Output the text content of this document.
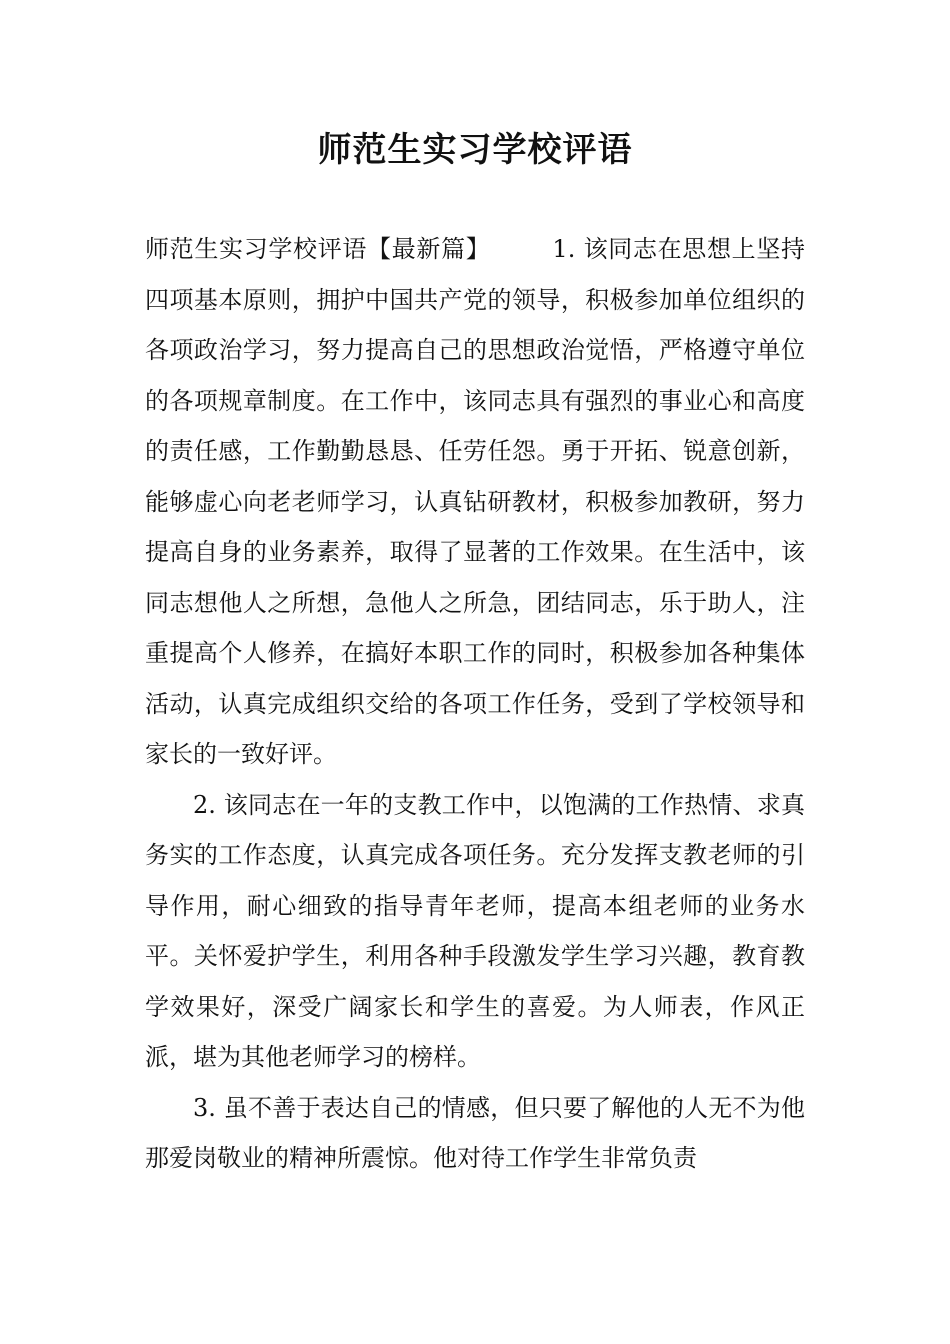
师范生实习学校评语

师范生实习学校评语【最新篇】	1. 该同志在思想上坚持四项基本原则，拥护中国共产党的领导，积极参加单位组织的各项政治学习，努力提高自己的思想政治觉悟，严格遵守单位的各项规章制度。在工作中，该同志具有强烈的事业心和高度的责任感，工作勤勤恳恳、任劳任怨。勇于开拓、锐意创新，能够虚心向老老师学习，认真钻研教材，积极参加教研，努力提高自身的业务素养，取得了显著的工作效果。在生活中，该同志想他人之所想，急他人之所急，团结同志，乐于助人，注重提高个人修养，在搞好本职工作的同时，积极参加各种集体活动，认真完成组织交给的各项工作任务，受到了学校领导和家长的一致好评。

2. 该同志在一年的支教工作中，以饱满的工作热情、求真务实的工作态度，认真完成各项任务。充分发挥支教老师的引导作用，耐心细致的指导青年老师，提高本组老师的业务水平。关怀爱护学生，利用各种手段激发学生学习兴趣，教育教学效果好，深受广阔家长和学生的喜爱。为人师表，作风正派，堪为其他老师学习的榜样。

3. 虽不善于表达自己的情感，但只要了解他的人无不为他那爱岗敬业的精神所震惊。他对待工作学生非常负责
